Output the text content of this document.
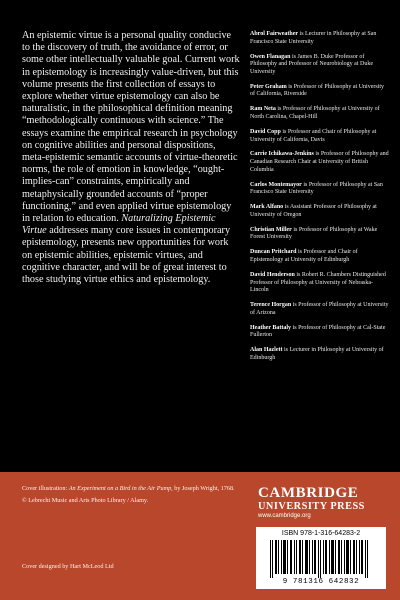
An epistemic virtue is a personal quality conducive to the discovery of truth, the avoidance of error, or some other intellectually valuable goal. Current work in epistemology is increasingly value-driven, but this volume presents the first collection of essays to explore whether virtue epistemology can also be naturalistic, in the philosophical definition meaning “methodologically continuous with science.” The essays examine the empirical research in psychology on cognitive abilities and personal dispositions, meta-epistemic semantic accounts of virtue-theoretic norms, the role of emotion in knowledge, “ought-implies-can” constraints, empirically and metaphysically grounded accounts of “proper functioning,” and even applied virtue epistemology in relation to education. Naturalizing Epistemic Virtue addresses many core issues in contemporary epistemology, presents new opportunities for work on epistemic abilities, epistemic virtues, and cognitive character, and will be of great interest to those studying virtue ethics and epistemology.

Abrol Fairweather is Lecturer in Philosophy at San Francisco State University
Owen Flanagan is James B. Duke Professor of Philosophy and Professor of Neurobiology at Duke University
Peter Graham is Professor of Philosophy at University of California, Riverside
Ram Neta is Professor of Philosophy at University of North Carolina, Chapel-Hill
David Copp is Professor and Chair of Philosophy at University of California, Davis
Carrie Ichikawa-Jenkins is Professor of Philosophy and Canadian Research Chair at University of British Columbia
Carlos Montemayor is Professor of Philosophy at San Francisco State University
Mark Alfano is Assistant Professor of Philosophy at University of Oregon
Christian Miller is Professor of Philosophy at Wake Forest University
Duncan Pritchard is Professor and Chair of Epistemology at University of Edinburgh
David Henderson is Robert R. Chambers Distinguished Professor of Philosophy at University of Nebraska-Lincoln
Terence Horgan is Professor of Philosophy at University of Arizona
Heather Battaly is Professor of Philosophy at Cal-State Fullerton
Alan Hazlett is Lecturer in Philosophy at University of Edinburgh
Cover illustration: An Experiment on a Bird in the Air Pump, by Joseph Wright, 1768. © Lebrecht Music and Arts Photo Library / Alamy.
Cover designed by Hart McLeod Ltd
CAMBRIDGE
UNIVERSITY PRESS
www.cambridge.org
ISBN 978-1-316-64283-2
9 781316 642832
